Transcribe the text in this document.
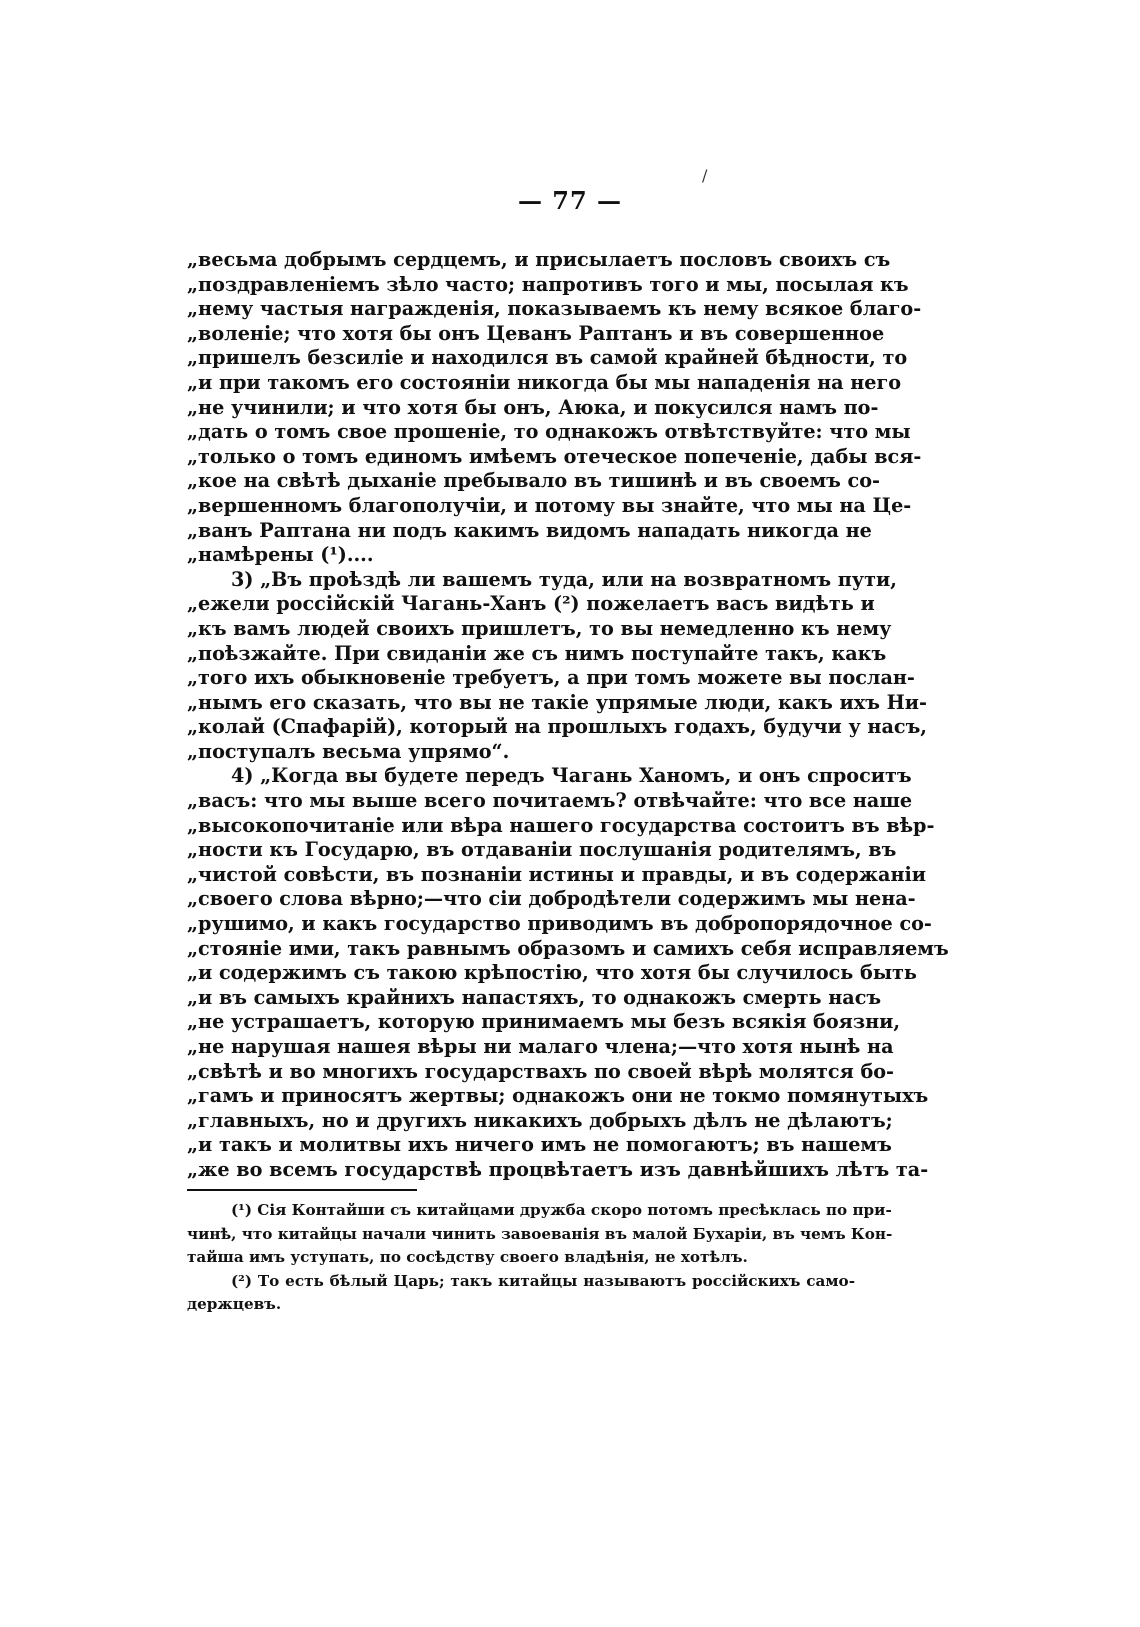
— 77 —
/
„весьма добрымъ сердцемъ, и присылаетъ пословъ своихъ съ
„поздравленіемъ зѣло часто; напротивъ того и мы, посылая къ
„нему частыя награжденія, показываемъ къ нему всякое благо-
„воленіе; что хотя бы онъ Цеванъ Раптанъ и въ совершенное
„пришелъ безсиліе и находился въ самой крайней бѣдности, то
„и при такомъ его состояніи никогда бы мы нападенія на него
„не учинили; и что хотя бы онъ, Аюка, и покусился намъ по-
„дать о томъ свое прошеніе, то однакожъ отвѣтствуйте: что мы
„только о томъ единомъ имѣемъ отеческое попеченіе, дабы вся-
„кое на свѣтѣ дыханіе пребывало въ тишинѣ и въ своемъ со-
„вершенномъ благополучіи, и потому вы знайте, что мы на Це-
„ванъ Раптана ни подъ какимъ видомъ нападать никогда не
„намѣрены (¹)....
3) „Въ проѣздѣ ли вашемъ туда, или на возвратномъ пути,
„ежели россійскій Чагань-Ханъ (²) пожелаетъ васъ видѣть и
„къ вамъ людей своихъ пришлетъ, то вы немедленно къ нему
„поѣзжайте. При свиданіи же съ нимъ поступайте такъ, какъ
„того ихъ обыкновеніе требуетъ, а при томъ можете вы послан-
„нымъ его сказать, что вы не такіе упрямые люди, какъ ихъ Ни-
„колай (Спафарій), который на прошлыхъ годахъ, будучи у насъ,
„поступалъ весьма упрямо“.
4) „Когда вы будете передъ Чагань Ханомъ, и онъ спроситъ
„васъ: что мы выше всего почитаемъ? отвѣчайте: что все наше
„высокопочитаніе или вѣра нашего государства состоитъ въ вѣр-
„ности къ Государю, въ отдаваніи послушанія родителямъ, въ
„чистой совѣсти, въ познаніи истины и правды, и въ содержаніи
„своего слова вѣрно;—что сіи добродѣтели содержимъ мы нена-
„рушимо, и какъ государство приводимъ въ добропорядочное со-
„стояніе ими, такъ равнымъ образомъ и самихъ себя исправляемъ
„и содержимъ съ такою крѣпостію, что хотя бы случилось быть
„и въ самыхъ крайнихъ напастяхъ, то однакожъ смерть насъ
„не устрашаетъ, которую принимаемъ мы безъ всякія боязни,
„не нарушая нашея вѣры ни малаго члена;—что хотя нынѣ на
„свѣтѣ и во многихъ государствахъ по своей вѣрѣ молятся бо-
„гамъ и приносятъ жертвы; однакожъ они не токмо помянутыхъ
„главныхъ, но и другихъ никакихъ добрыхъ дѣлъ не дѣлаютъ;
„и такъ и молитвы ихъ ничего имъ не помогаютъ; въ нашемъ
„же во всемъ государствѣ процвѣтаетъ изъ давнѣйшихъ лѣтъ та-
(¹) Сія Контайши съ китайцами дружба скоро потомъ пресѣклась по при-
чинѣ, что китайцы начали чинить завоеванія въ малой Бухаріи, въ чемъ Кон-
тайша имъ уступать, по сосѣдству своего владѣнія, не хотѣлъ.
(²) То есть бѣлый Царь; такъ китайцы называютъ россійскихъ само-
держцевъ.
